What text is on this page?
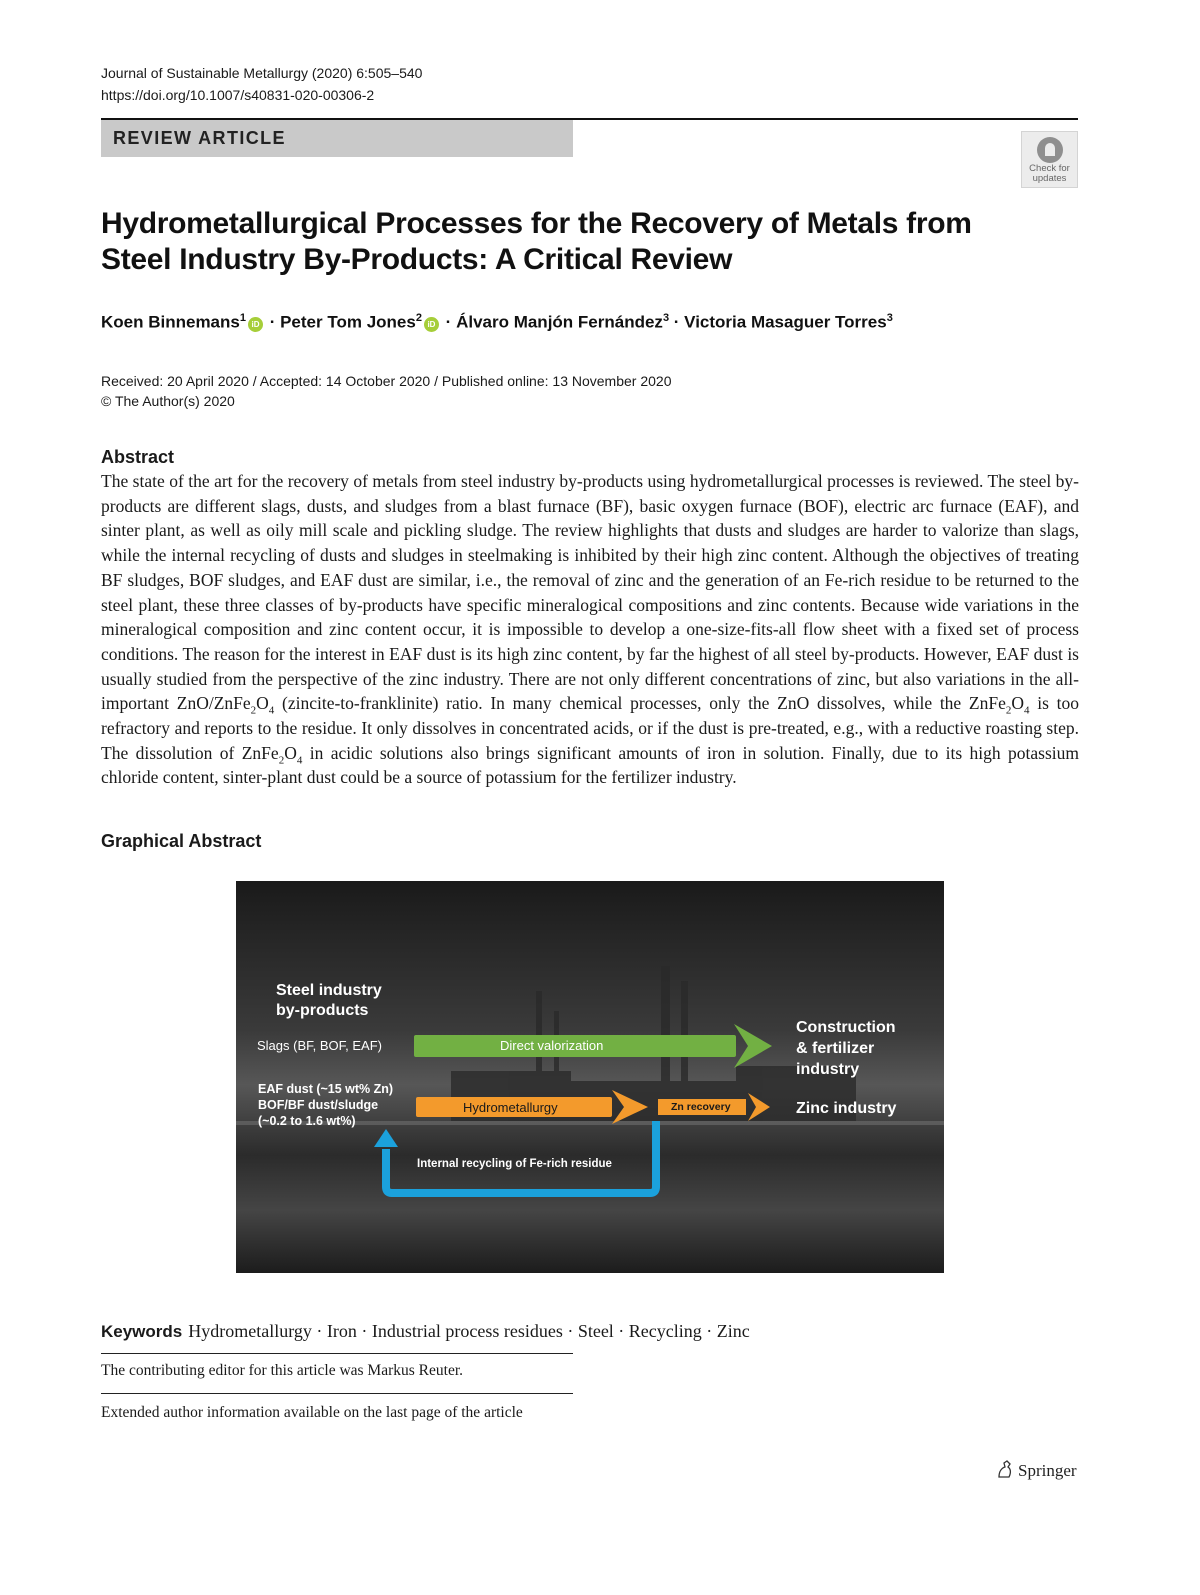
Journal of Sustainable Metallurgy (2020) 6:505–540
https://doi.org/10.1007/s40831-020-00306-2
REVIEW ARTICLE
Check for
updates
Hydrometallurgical Processes for the Recovery of Metals from Steel Industry By-Products: A Critical Review
Koen Binnemans$^1$iD · Peter Tom Jones$^2$iD · Álvaro Manjón Fernández$^3$ · Victoria Masaguer Torres$^3$
Received: 20 April 2020 / Accepted: 14 October 2020 / Published online: 13 November 2020
© The Author(s) 2020
Abstract
The state of the art for the recovery of metals from steel industry by-products using hydrometallurgical processes is reviewed. The steel by-products are different slags, dusts, and sludges from a blast furnace (BF), basic oxygen furnace (BOF), electric arc furnace (EAF), and sinter plant, as well as oily mill scale and pickling sludge. The review highlights that dusts and sludges are harder to valorize than slags, while the internal recycling of dusts and sludges in steelmaking is inhibited by their high zinc content. Although the objectives of treating BF sludges, BOF sludges, and EAF dust are similar, i.e., the removal of zinc and the generation of an Fe-rich residue to be returned to the steel plant, these three classes of by-products have specific mineralogical compositions and zinc contents. Because wide variations in the mineralogical composition and zinc content occur, it is impossible to develop a one-size-fits-all flow sheet with a fixed set of process conditions. The reason for the interest in EAF dust is its high zinc content, by far the highest of all steel by-products. However, EAF dust is usually studied from the perspective of the zinc industry. There are not only different concentrations of zinc, but also variations in the all-important ZnO/$ZnFe_2O_4$ (zincite-to-franklinite) ratio. In many chemical processes, only the ZnO dissolves, while the $ZnFe_2O_4$ is too refractory and reports to the residue. It only dissolves in concentrated acids, or if the dust is pre-treated, e.g., with a reductive roasting step. The dissolution of $ZnFe_2O_4$ in acidic solutions also brings significant amounts of iron in solution. Finally, due to its high potassium chloride content, sinter-plant dust could be a source of potassium for the fertilizer industry.
Graphical Abstract
Steel industry
by-products
Slags (BF, BOF, EAF)
EAF dust (~15 wt% Zn)
BOF/BF dust/sludge
(~0.2 to 1.6 wt%)
Direct valorization
Hydrometallurgy	Zn recovery
Internal recycling of Fe-rich residue
Construction
& fertilizer
industry
Zinc industry
Keywords Hydrometallurgy · Iron · Industrial process residues · Steel · Recycling · Zinc
The contributing editor for this article was Markus Reuter.
Extended author information available on the last page of the article
Springer
